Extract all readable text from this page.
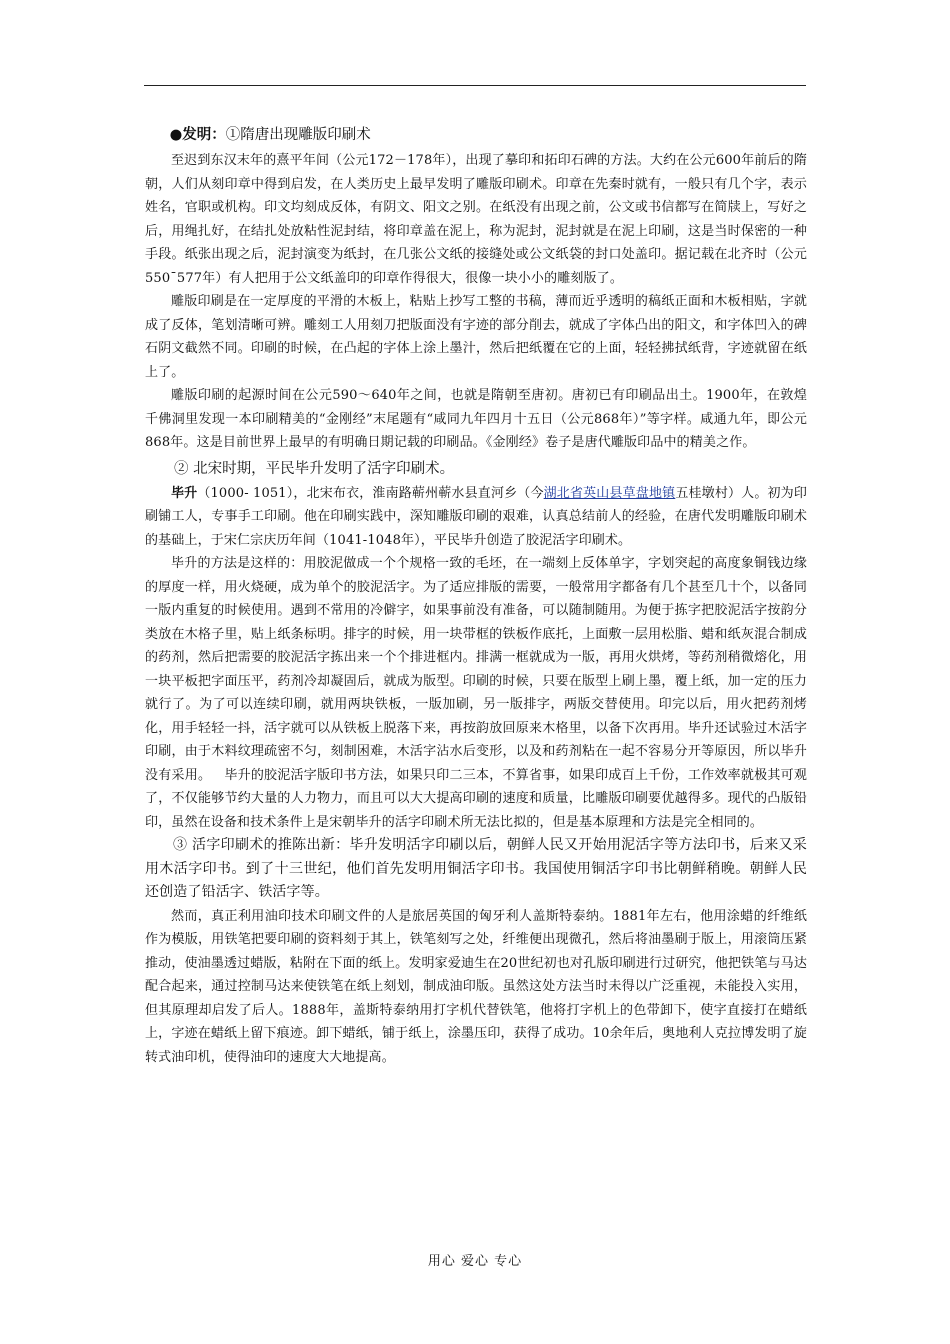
●发明：①隋唐出现雕版印刷术

至迟到东汉末年的熹平年间（公元172－178年），出现了摹印和拓印石碑的方法。大约在公元600年前后的隋朝，人们从刻印章中得到启发，在人类历史上最早发明了雕版印刷术。印章在先秦时就有，一般只有几个字，表示姓名，官职或机构。印文均刻成反体，有阴文、阳文之别。在纸没有出现之前，公文或书信都写在简牍上，写好之后，用绳扎好，在结扎处放粘性泥封结，将印章盖在泥上，称为泥封，泥封就是在泥上印刷，这是当时保密的一种手段。纸张出现之后，泥封演变为纸封，在几张公文纸的接缝处或公文纸袋的封口处盖印。据记载在北齐时（公元550¯577年）有人把用于公文纸盖印的印章作得很大，很像一块小小的雕刻版了。

雕版印刷是在一定厚度的平滑的木板上，粘贴上抄写工整的书稿，薄而近乎透明的稿纸正面和木板相贴，字就成了反体，笔划清晰可辨。雕刻工人用刻刀把版面没有字迹的部分削去，就成了字体凸出的阳文，和字体凹入的碑石阴文截然不同。印刷的时候，在凸起的字体上涂上墨汁，然后把纸覆在它的上面，轻轻拂拭纸背，字迹就留在纸上了。

雕版印刷的起源时间在公元590～640年之间，也就是隋朝至唐初。唐初已有印刷品出土。1900年，在敦煌千佛洞里发现一本印刷精美的“金刚经”末尾题有“咸同九年四月十五日（公元868年）”等字样。咸通九年，即公元868年。这是目前世界上最早的有明确日期记载的印刷品。《金刚经》卷子是唐代雕版印品中的精美之作。

② 北宋时期，平民毕升发明了活字印刷术。

毕升（1000- 1051），北宋布衣，淮南路蕲州蕲水县直河乡（今湖北省英山县草盘地镇五桂墩村）人。初为印刷铺工人，专事手工印刷。他在印刷实践中，深知雕版印刷的艰难，认真总结前人的经验，在唐代发明雕版印刷术的基础上，于宋仁宗庆历年间（1041-1048年），平民毕升创造了胶泥活字印刷术。

毕升的方法是这样的：用胶泥做成一个个规格一致的毛坯，在一端刻上反体单字，字划突起的高度象铜钱边缘的厚度一样，用火烧硬，成为单个的胶泥活字。为了适应排版的需要，一般常用字都备有几个甚至几十个，以备同一版内重复的时候使用。遇到不常用的冷僻字，如果事前没有准备，可以随制随用。为便于拣字把胶泥活字按韵分类放在木格子里，贴上纸条标明。排字的时候，用一块带框的铁板作底托，上面敷一层用松脂、蜡和纸灰混合制成的药剂，然后把需要的胶泥活字拣出来一个个排进框内。排满一框就成为一版，再用火烘烤，等药剂稍微熔化，用一块平板把字面压平，药剂冷却凝固后，就成为版型。印刷的时候，只要在版型上刷上墨，覆上纸，加一定的压力就行了。为了可以连续印刷，就用两块铁板，一版加刷，另一版排字，两版交替使用。印完以后，用火把药剂烤化，用手轻轻一抖，活字就可以从铁板上脱落下来，再按韵放回原来木格里，以备下次再用。毕升还试验过木活字印刷，由于木料纹理疏密不匀，刻制困难，木活字沾水后变形，以及和药剂粘在一起不容易分开等原因，所以毕升没有采用。 毕升的胶泥活字版印书方法，如果只印二三本，不算省事，如果印成百上千份，工作效率就极其可观了，不仅能够节约大量的人力物力，而且可以大大提高印刷的速度和质量，比雕版印刷要优越得多。现代的凸版铅印，虽然在设备和技术条件上是宋朝毕升的活字印刷术所无法比拟的，但是基本原理和方法是完全相同的。

③ 活字印刷术的推陈出新：毕升发明活字印刷以后，朝鲜人民又开始用泥活字等方法印书，后来又采用木活字印书。到了十三世纪，他们首先发明用铜活字印书。我国使用铜活字印书比朝鲜稍晚。朝鲜人民还创造了铅活字、铁活字等。

然而，真正利用油印技术印刷文件的人是旅居英国的匈牙利人盖斯特泰纳。1881年左右，他用涂蜡的纤维纸作为模版，用铁笔把要印刷的资料刻于其上，铁笔刻写之处，纤维便出现微孔，然后将油墨刷于版上，用滚筒压紧推动，使油墨透过蜡版，粘附在下面的纸上。发明家爱迪生在20世纪初也对孔版印刷进行过研究，他把铁笔与马达配合起来，通过控制马达来使铁笔在纸上刻划，制成油印版。虽然这处方法当时未得以广泛重视，未能投入实用，但其原理却启发了后人。1888年，盖斯特泰纳用打字机代替铁笔，他将打字机上的色带卸下，使字直接打在蜡纸上，字迹在蜡纸上留下痕迹。卸下蜡纸，铺于纸上，涂墨压印，获得了成功。10余年后，奥地利人克拉博发明了旋转式油印机，使得油印的速度大大地提高。

用心 爱心 专心
